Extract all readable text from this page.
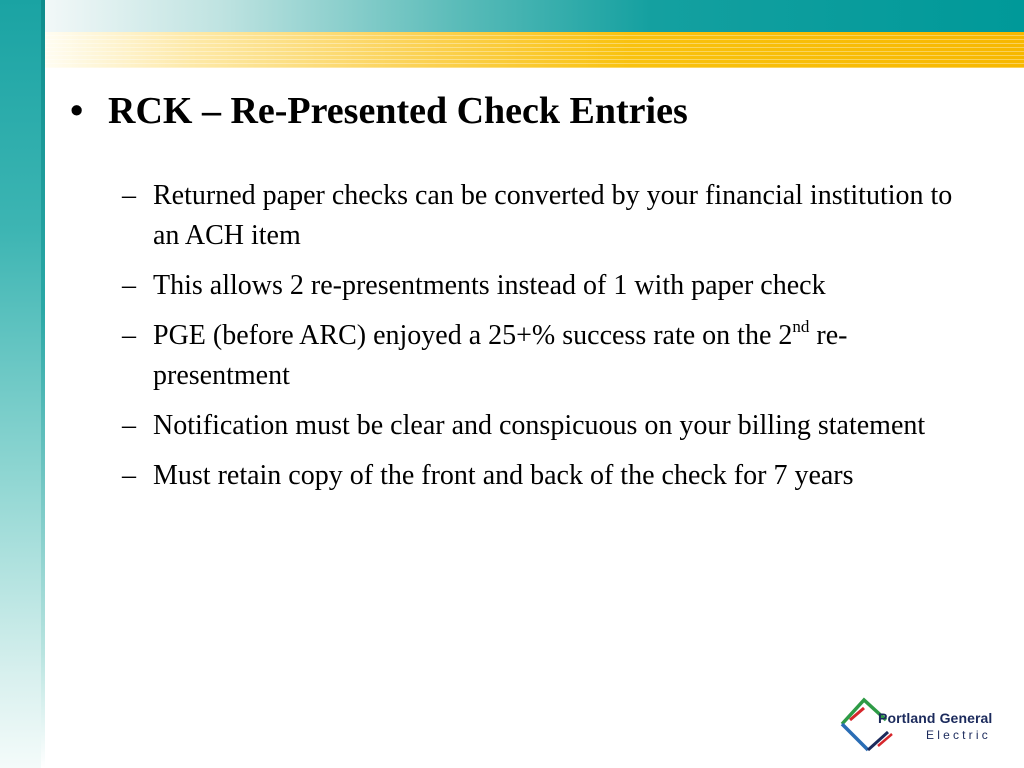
• RCK – Re-Presented Check Entries
– Returned paper checks can be converted by your financial institution to an ACH item
– This allows 2 re-presentments instead of 1 with paper check
– PGE (before ARC) enjoyed a 25+% success rate on the 2nd re-presentment
– Notification must be clear and conspicuous on your billing statement
– Must retain copy of the front and back of the check for 7 years
Portland General
Electric
